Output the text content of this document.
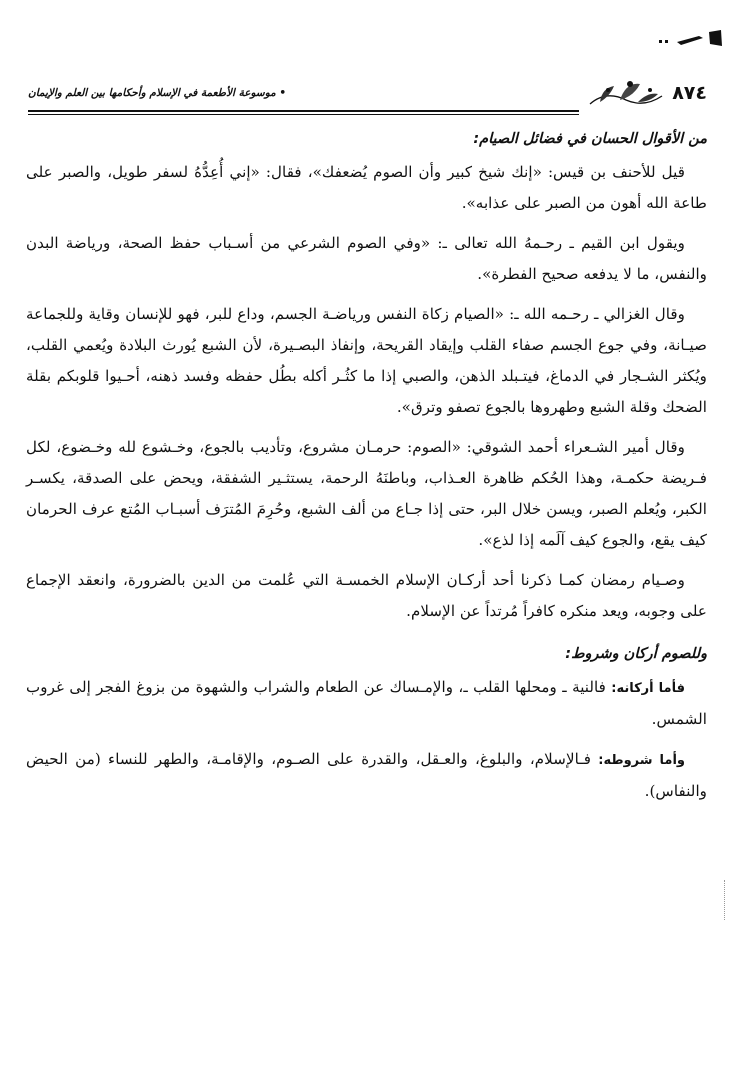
٨٧٤
• موسوعة الأطعمة في الإسلام وأحكامها بين العلم والإيمان

من الأقوال الحسان في فضائل الصيام:

قيل للأحنف بن قيس: «إنك شيخ كبير وأن الصوم يُضعفك»، فقال: «إني أُعِدُّهُ لسفر طويل، والصبر على طاعة الله أهون من الصبر على عذابه».

ويقول ابن القيم ـ رحـمهُ الله تعالى ـ: «وفي الصوم الشرعي من أسـباب حفظ الصحة، ورياضة البدن والنفس، ما لا يدفعه صحيح الفطرة».

وقال الغزالي ـ رحـمه الله ـ: «الصيام زكاة النفس ورياضـة الجسم، وداع للبر، فهو للإنسان وقاية وللجماعة صيـانة، وفي جوع الجسم صفاء القلب وإيقاد القريحة، وإنفاذ البصـيرة، لأن الشبع يُورث البلادة ويُعمي القلب، ويُكثر الشـجار في الدماغ، فيتـبلد الذهن، والصبي إذا ما كثُـر أكله بطُل حفظه وفسد ذهنه، أحـيوا قلوبكم بقلة الضحك وقلة الشبع وطهروها بالجوع تصفو وترق».

وقال أمير الشـعراء أحمد الشوقي: «الصوم: حرمـان مشروع، وتأديب بالجوع، وخـشوع لله وخـضوع، لكل فـريضة حكمـة، وهذا الحُكم ظاهرة العـذاب، وباطنَهُ الرحمة، يستثـير الشفقة، ويحض على الصدقة، يكسـر الكبر، ويُعلم الصبر، ويسن خلال البر، حتى إذا جـاع من ألف الشبع، وحُرِمَ المُترَف أسبـاب المُتع عرف الحرمان كيف يقع، والجوع كيف آلَمه إذا لذع».

وصـيام رمضان كمـا ذكرنا أحد أركـان الإسلام الخمسـة التي عُلمت من الدين بالضرورة، وانعقد الإجماع على وجوبه، ويعد منكره كافراً مُرتداً عن الإسلام.

وللصوم أركان وشروط:

فأما أركانه: فالنية ـ ومحلها القلب ـ، والإمـساك عن الطعام والشراب والشهوة من بزوغ الفجر إلى غروب الشمس.

وأما شروطه: فـالإسلام، والبلوغ، والعـقل، والقدرة على الصـوم، والإقامـة، والطهر للنساء (من الحيض والنفاس).
